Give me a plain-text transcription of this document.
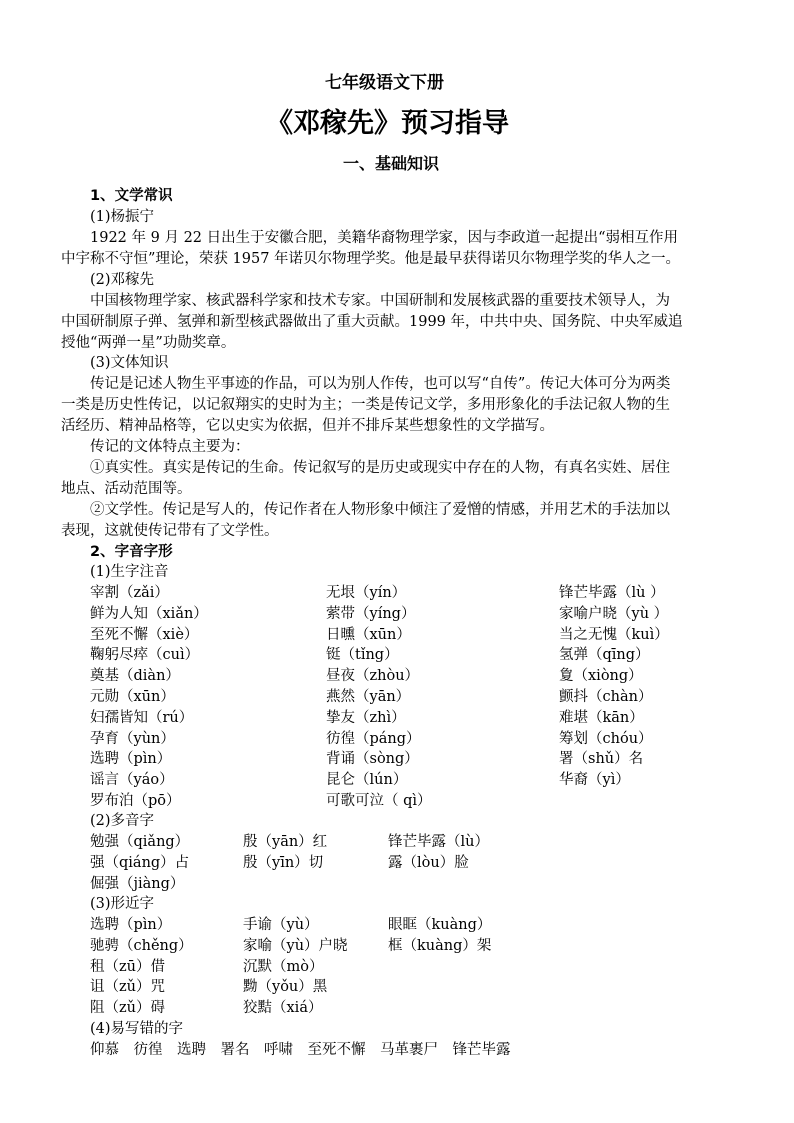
七年级语文下册
《邓稼先》预习指导
一、基础知识
1、文学常识
(1)杨振宁
1922 年 9 月 22 日出生于安徽合肥，美籍华裔物理学家，因与李政道一起提出“弱相互作用
中宇称不守恒”理论，荣获 1957 年诺贝尔物理学奖。他是最早获得诺贝尔物理学奖的华人之一。
(2)邓稼先
中国核物理学家、核武器科学家和技术专家。中国研制和发展核武器的重要技术领导人，为
中国研制原子弹、氢弹和新型核武器做出了重大贡献。1999 年，中共中央、国务院、中央军威追
授他“两弹一星”功勋奖章。
(3)文体知识
传记是记述人物生平事迹的作品，可以为别人作传，也可以写“自传”。传记大体可分为两类
一类是历史性传记，以记叙翔实的史时为主；一类是传记文学，多用形象化的手法记叙人物的生
活经历、精神品格等，它以史实为依据，但并不排斥某些想象性的文学描写。
传记的文体特点主要为：
①真实性。真实是传记的生命。传记叙写的是历史或现实中存在的人物，有真名实姓、居住
地点、活动范围等。
②文学性。传记是写人的，传记作者在人物形象中倾注了爱憎的情感，并用艺术的手法加以
表现，这就使传记带有了文学性。
2、字音字形
(1)生字注音
宰割（zǎi）	无垠（yín）	锋芒毕露（lù ）
鲜为人知（xiǎn）	萦带（yíng）	家喻户晓（yù ）
至死不懈（xiè）	日曛（xūn）	当之无愧（kuì）
鞠躬尽瘁（cuì）	铤（tǐng）	氢弹（qīng）
奠基（diàn）	昼夜（zhòu）	夐（xiòng）
元勋（xūn）	燕然（yān）	颤抖（chàn）
妇孺皆知（rú）	挚友（zhì）	难堪（kān）
孕育（yùn）	彷徨（páng）	筹划（chóu）
选聘（pìn）	背诵（sòng）	署（shǔ）名
谣言（yáo）	昆仑（lún）	华裔（yì）
罗布泊（pō）	可歌可泣（ qì）
(2)多音字
勉强（qiǎng）	殷（yān）红	锋芒毕露（lù）
强（qiáng）占	殷（yīn）切	露（lòu）脸
倔强（jiàng）
(3)形近字
选聘（pìn）	手谕（yù）	眼眶（kuàng）
驰骋（chěng）	家喻（yù）户晓	框（kuàng）架
租（zū）借	沉默（mò）
诅（zǔ）咒	黝（yǒu）黑
阻（zǔ）碍	狡黠（xiá）
(4)易写错的字
仰慕　彷徨　选聘　署名　呼啸　至死不懈　马革裹尸　锋芒毕露
